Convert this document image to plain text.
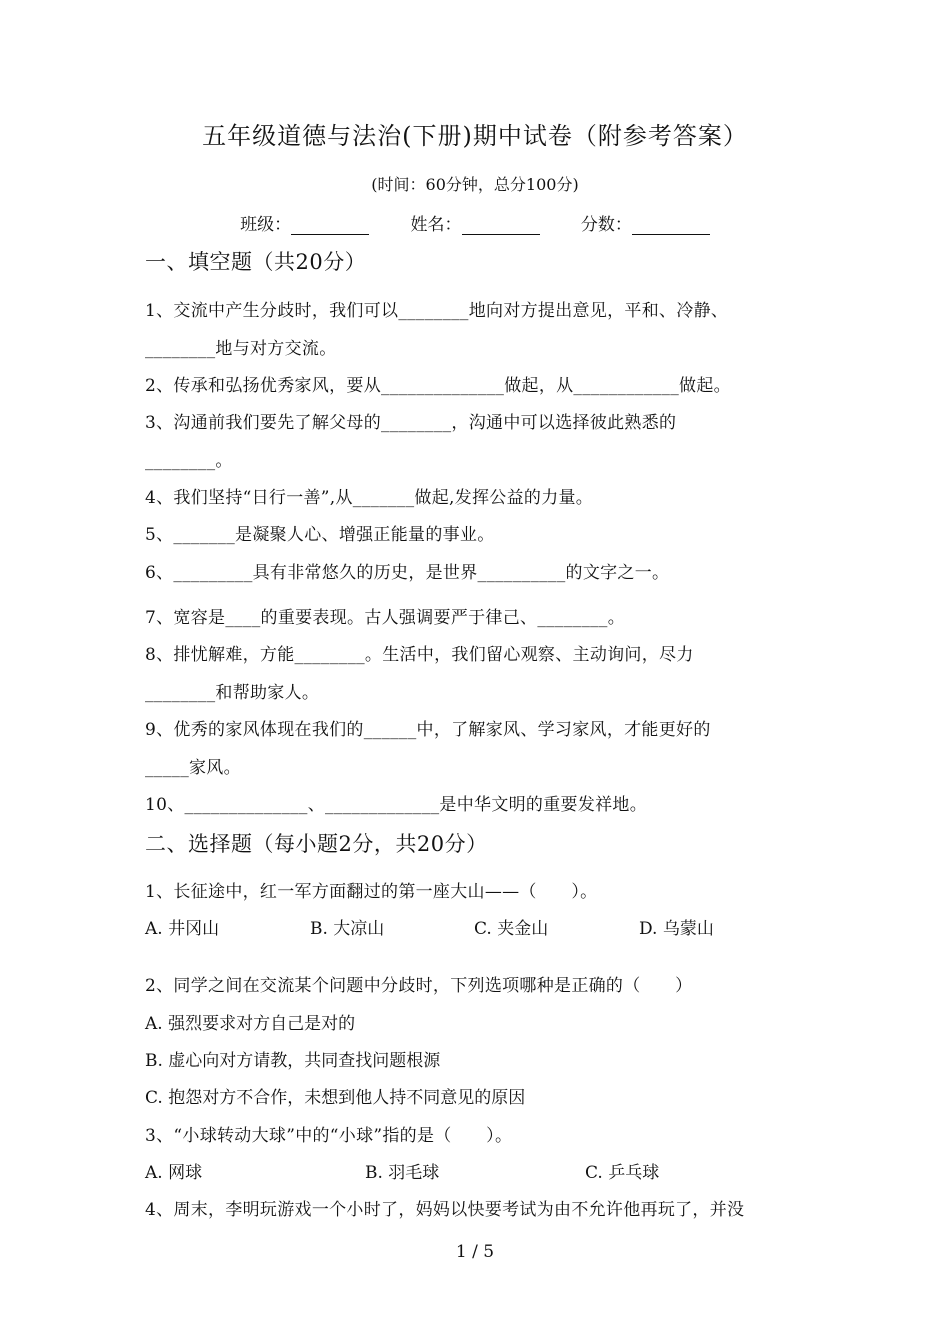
五年级道德与法治(下册)期中试卷（附参考答案）
(时间：60分钟，总分100分)
班级：	姓名：	分数：
一、填空题（共20分）
1、交流中产生分歧时，我们可以________地向对方提出意见，平和、冷静、
________地与对方交流。
2、传承和弘扬优秀家风，要从______________做起，从____________做起。
3、沟通前我们要先了解父母的________，沟通中可以选择彼此熟悉的
________。
4、我们坚持“日行一善”,从_______做起,发挥公益的力量。
5、_______是凝聚人心、增强正能量的事业。
6、_________具有非常悠久的历史，是世界__________的文字之一。
7、宽容是____的重要表现。古人强调要严于律己、________。
8、排忧解难，方能________。生活中，我们留心观察、主动询问，尽力
________和帮助家人。
9、优秀的家风体现在我们的______中，了解家风、学习家风，才能更好的
_____家风。
10、______________、_____________是中华文明的重要发祥地。
二、选择题（每小题2分，共20分）
1、长征途中，红一军方面翻过的第一座大山——（　　）。
A. 井冈山	B. 大凉山	C. 夹金山	D. 乌蒙山
2、同学之间在交流某个问题中分歧时，下列选项哪种是正确的（　　）
A. 强烈要求对方自己是对的
B. 虚心向对方请教，共同查找问题根源
C. 抱怨对方不合作，未想到他人持不同意见的原因
3、“小球转动大球”中的“小球”指的是（　　）。
A. 网球	B. 羽毛球	C. 乒乓球
4、周末，李明玩游戏一个小时了，妈妈以快要考试为由不允许他再玩了，并没
1 / 5
